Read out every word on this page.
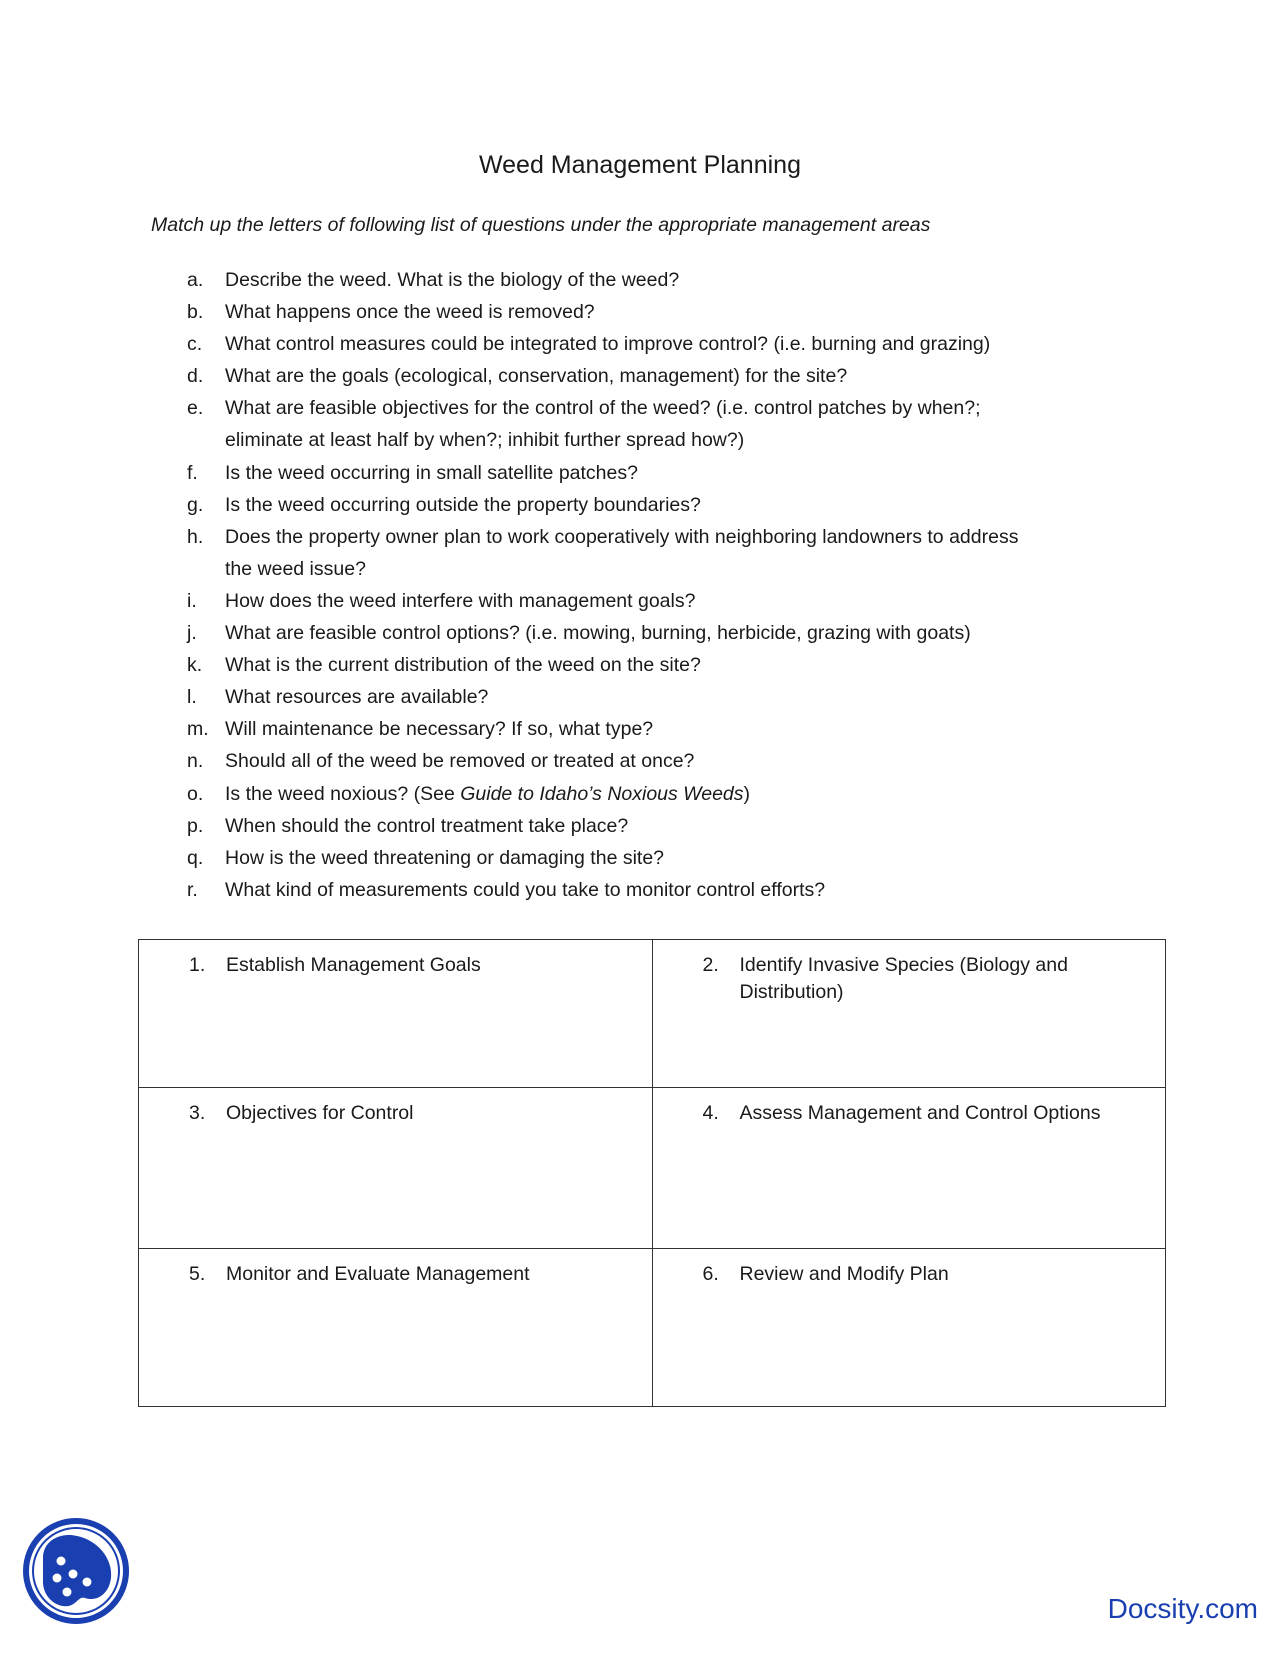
Weed Management Planning
Match up the letters of following list of questions under the appropriate management areas
a. Describe the weed. What is the biology of the weed?
b. What happens once the weed is removed?
c. What control measures could be integrated to improve control? (i.e. burning and grazing)
d. What are the goals (ecological, conservation, management) for the site?
e. What are feasible objectives for the control of the weed? (i.e. control patches by when?;
eliminate at least half by when?; inhibit further spread how?)
f. Is the weed occurring in small satellite patches?
g. Is the weed occurring outside the property boundaries?
h. Does the property owner plan to work cooperatively with neighboring landowners to address
the weed issue?
i. How does the weed interfere with management goals?
j. What are feasible control options? (i.e. mowing, burning, herbicide, grazing with goats)
k. What is the current distribution of the weed on the site?
l. What resources are available?
m. Will maintenance be necessary? If so, what type?
n. Should all of the weed be removed or treated at once?
o. Is the weed noxious? (See Guide to Idaho’s Noxious Weeds)
p. When should the control treatment take place?
q. How is the weed threatening or damaging the site?
r. What kind of measurements could you take to monitor control efforts?
1. Establish Management Goals	2. Identify Invasive Species (Biology and Distribution)

3. Objectives for Control	4. Assess Management and Control Options

5. Monitor and Evaluate Management	6. Review and Modify Plan
Docsity.com
